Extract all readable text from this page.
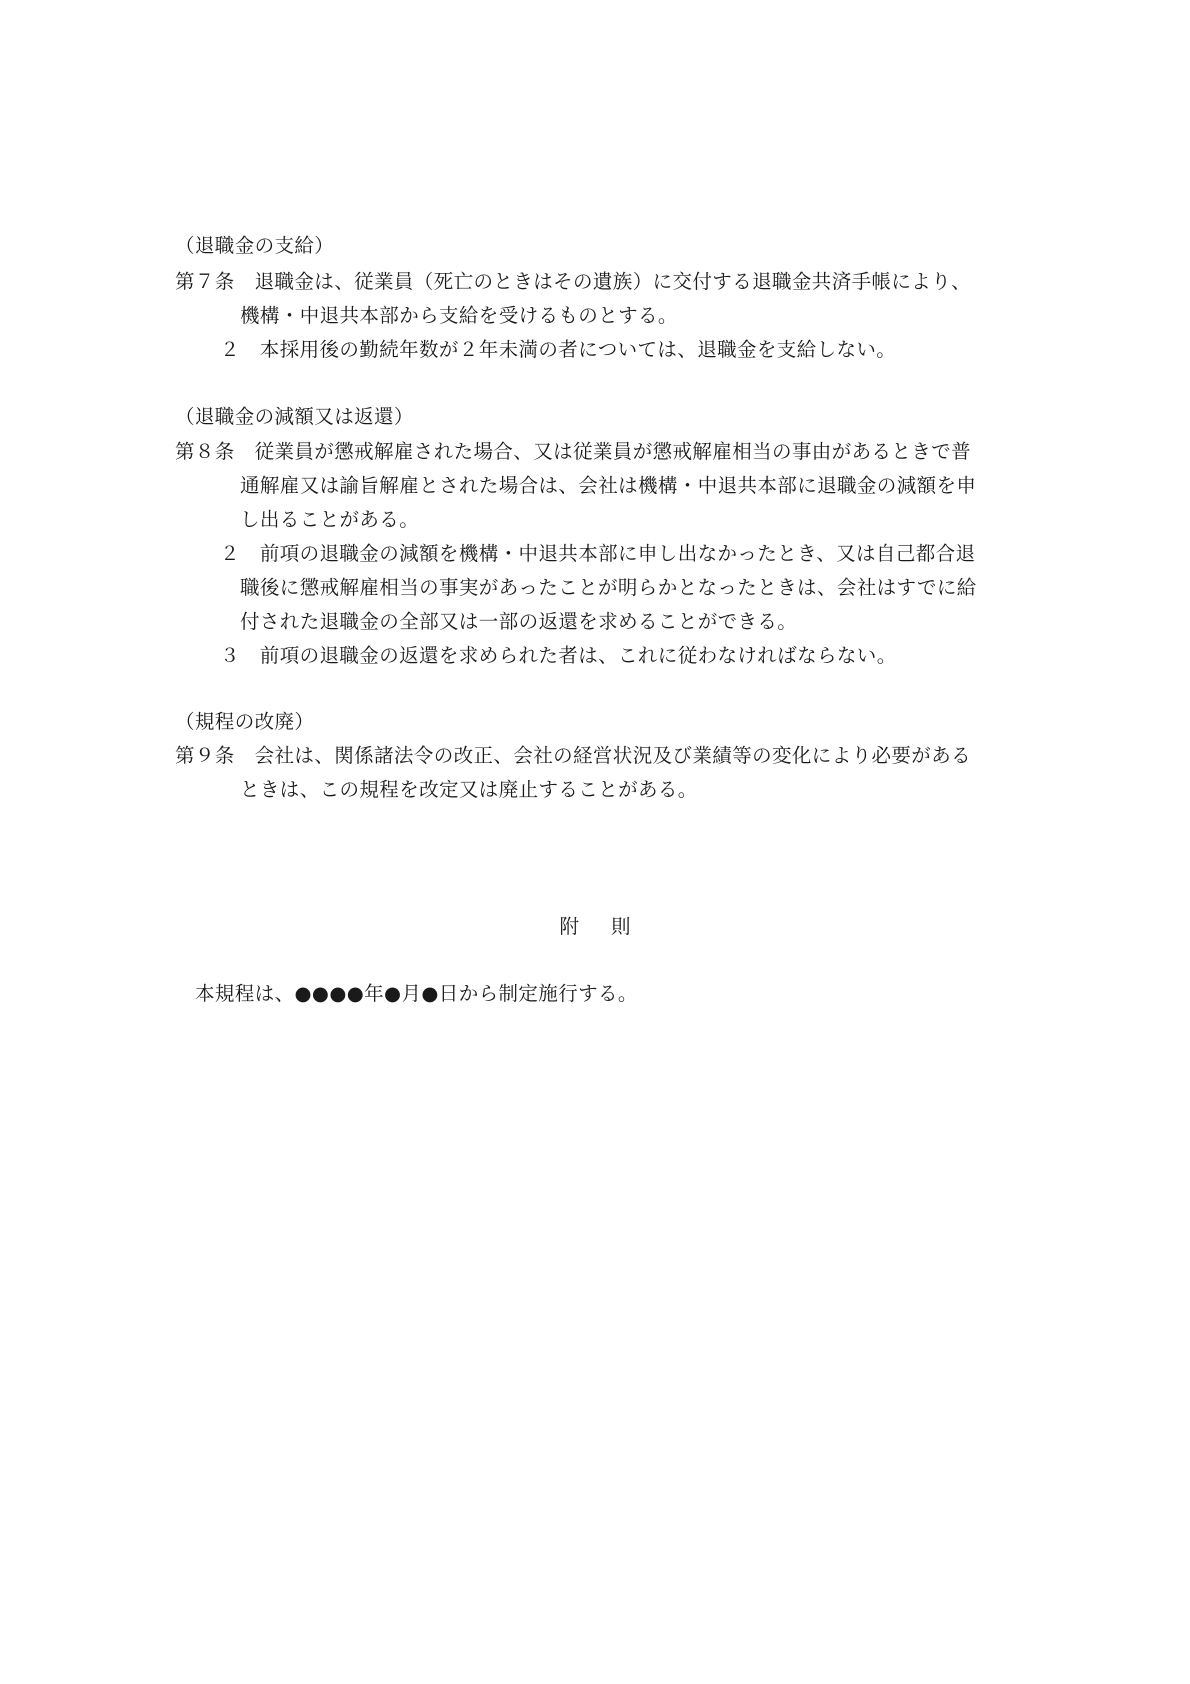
（退職金の支給）
第７条　退職金は、従業員（死亡のときはその遺族）に交付する退職金共済手帳により、
機構・中退共本部から支給を受けるものとする。
２　本採用後の勤続年数が２年未満の者については、退職金を支給しない。
（退職金の減額又は返還）
第８条　従業員が懲戒解雇された場合、又は従業員が懲戒解雇相当の事由があるときで普
通解雇又は諭旨解雇とされた場合は、会社は機構・中退共本部に退職金の減額を申
し出ることがある。
２　前項の退職金の減額を機構・中退共本部に申し出なかったとき、又は自己都合退
職後に懲戒解雇相当の事実があったことが明らかとなったときは、会社はすでに給
付された退職金の全部又は一部の返還を求めることができる。
３　前項の退職金の返還を求められた者は、これに従わなければならない。
（規程の改廃）
第９条　会社は、関係諸法令の改正、会社の経営状況及び業績等の変化により必要がある
ときは、この規程を改定又は廃止することがある。
附則
本規程は、●●●●年●月●日から制定施行する。
